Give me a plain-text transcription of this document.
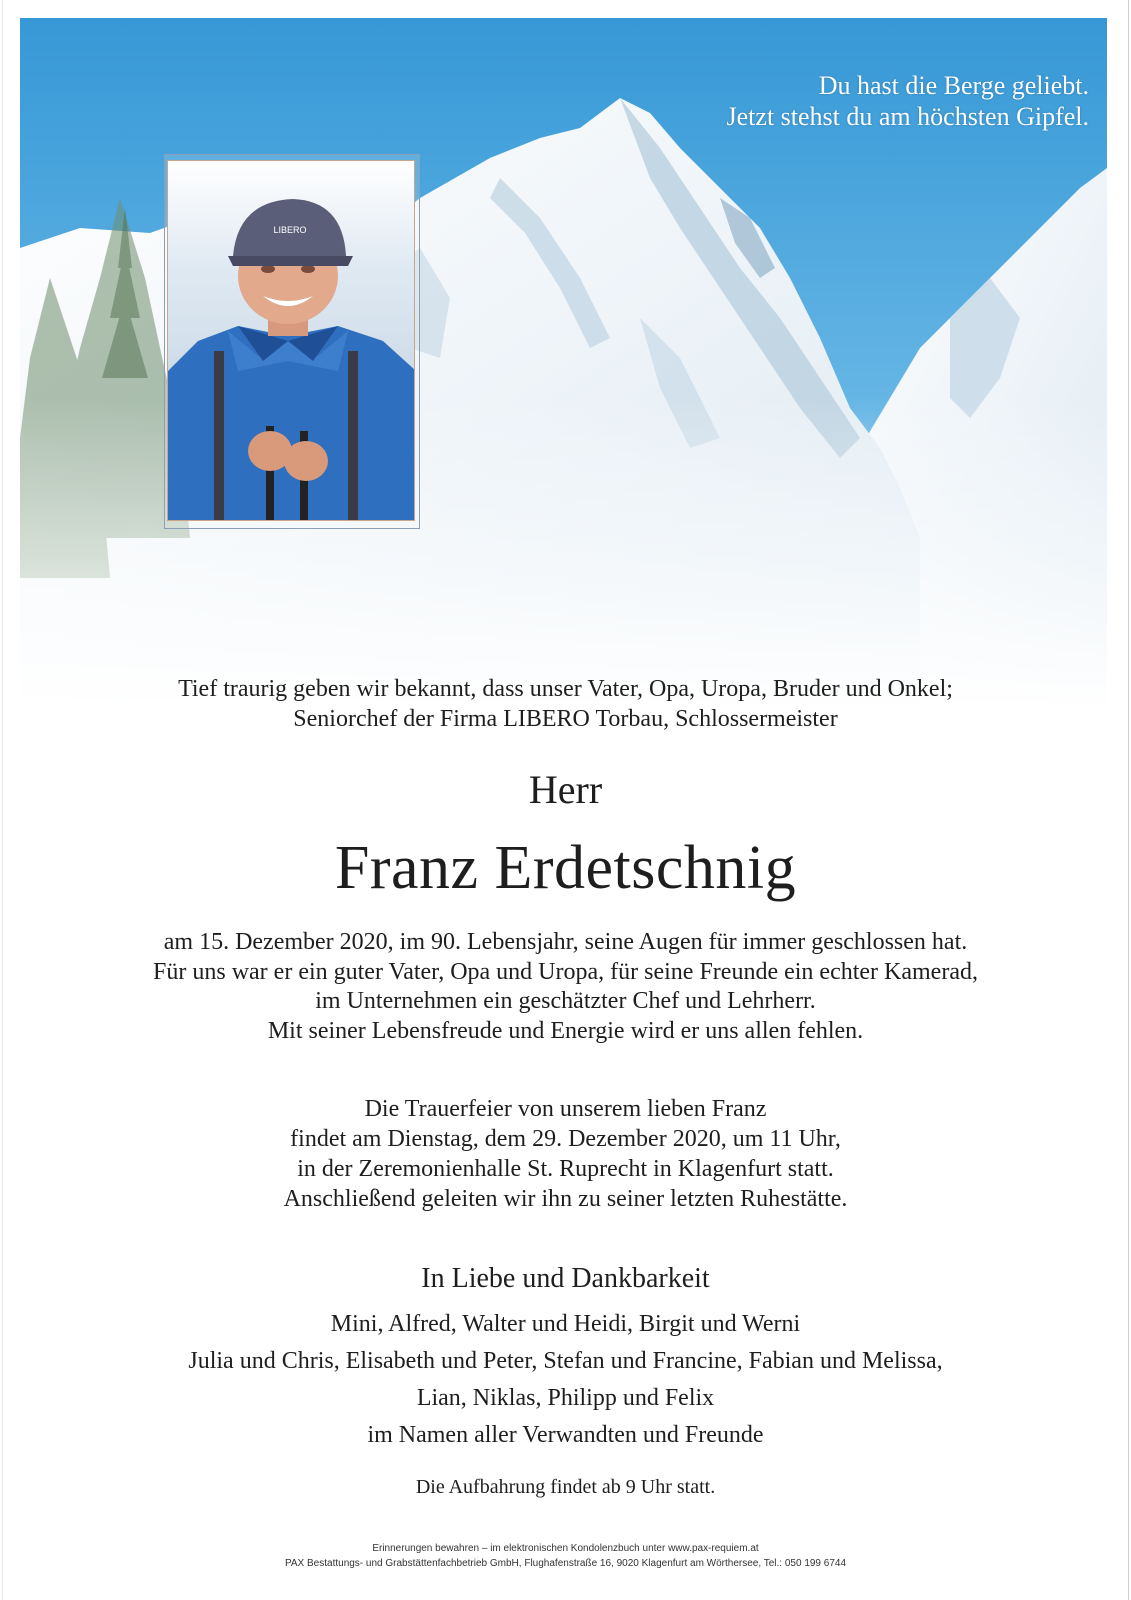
Du hast die Berge geliebt.
Jetzt stehst du am höchsten Gipfel.
LIBERO
Tief traurig geben wir bekannt, dass unser Vater, Opa, Uropa, Bruder und Onkel;
Seniorchef der Firma LIBERO Torbau, Schlossermeister
Herr
Franz Erdetschnig
am 15. Dezember 2020, im 90. Lebensjahr, seine Augen für immer geschlossen hat.
Für uns war er ein guter Vater, Opa und Uropa, für seine Freunde ein echter Kamerad,
im Unternehmen ein geschätzter Chef und Lehrherr.
Mit seiner Lebensfreude und Energie wird er uns allen fehlen.
Die Trauerfeier von unserem lieben Franz
findet am Dienstag, dem 29. Dezember 2020, um 11 Uhr,
in der Zeremonienhalle St. Ruprecht in Klagenfurt statt.
Anschließend geleiten wir ihn zu seiner letzten Ruhestätte.
In Liebe und Dankbarkeit
Mini, Alfred, Walter und Heidi, Birgit und Werni
Julia und Chris, Elisabeth und Peter, Stefan und Francine, Fabian und Melissa,
Lian, Niklas, Philipp und Felix
im Namen aller Verwandten und Freunde
Die Aufbahrung findet ab 9 Uhr statt.
Erinnerungen bewahren – im elektronischen Kondolenzbuch unter www.pax-requiem.at
PAX Bestattungs- und Grabstättenfachbetrieb GmbH, Flughafenstraße 16, 9020 Klagenfurt am Wörthersee, Tel.: 050 199 6744
